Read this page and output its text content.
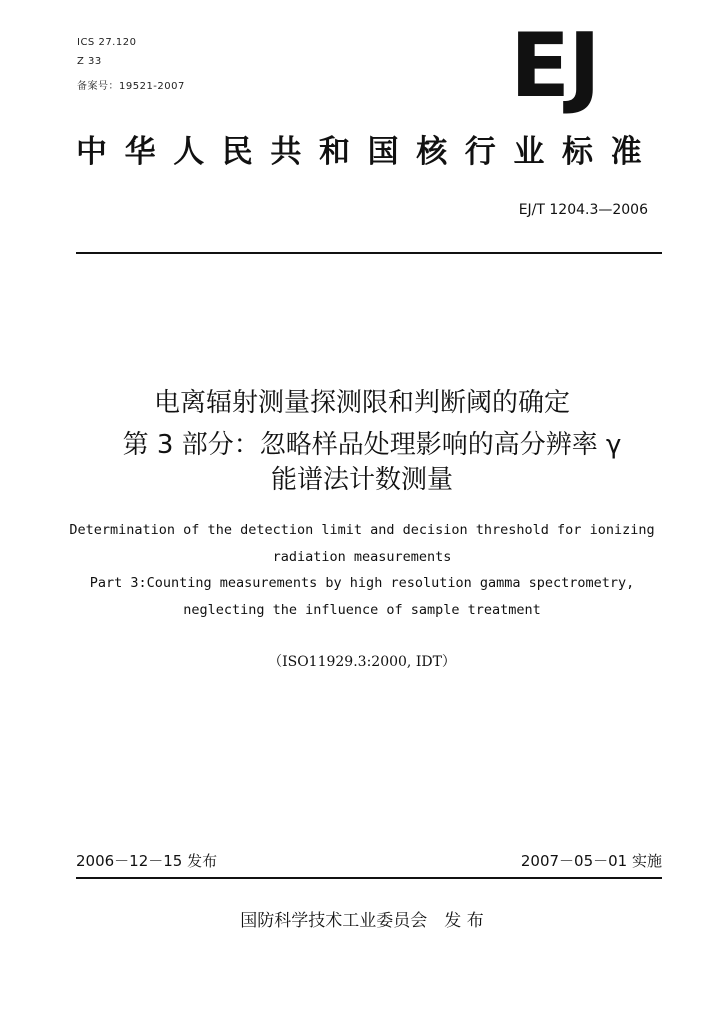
ICS 27.120
Z 33
备案号：19521-2007	EJ
中华人民共和国核行业标准
EJ/T 1204.3—2006
电离辐射测量探测限和判断阈的确定
第 3 部分：忽略样品处理影响的高分辨率 γ
能谱法计数测量
Determination of the detection limit and decision threshold for ionizing
radiation measurements
Part 3:Counting measurements by high resolution gamma spectrometry,
neglecting the influence of sample treatment
（ISO11929.3:2000, IDT）
2006－12－15 发布	2007－05－01 实施
国防科学技术工业委员会　发 布
